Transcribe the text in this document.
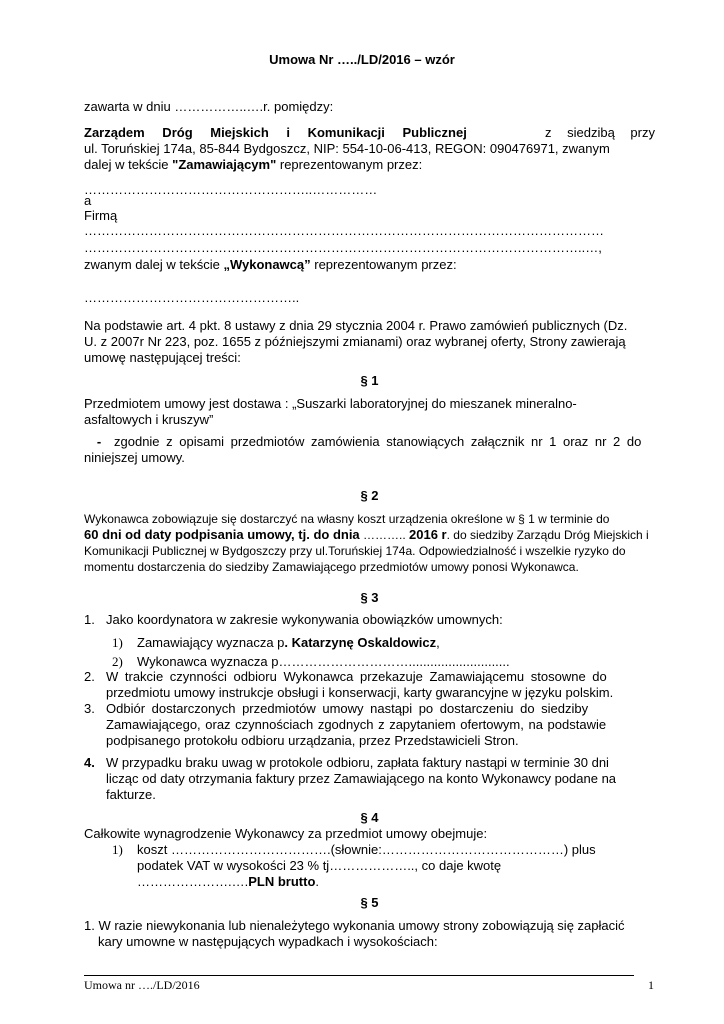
Umowa Nr …../LD/2016 – wzór

zawarta w dniu ……………..….r. pomiędzy:

Zarządem Dróg Miejskich i Komunikacji Publicznej	z siedzibą przy
ul. Toruńskiej 174a, 85-844 Bydgoszcz, NIP: 554-10-06-413, REGON: 090476971, zwanym
dalej w tekście "Zamawiającym" reprezentowanym przez:

……………………………………………..……………

a

Firmą

…………………………………………………………………………………………………………

……………………………………………………………………………………………………..…,

zwanym dalej w tekście „Wykonawcą” reprezentowanym przez:

…………………………………………..

Na podstawie art. 4 pkt. 8 ustawy z dnia 29 stycznia 2004 r. Prawo zamówień publicznych (Dz.
U. z 2007r Nr 223, poz. 1655 z późniejszymi zmianami) oraz wybranej oferty, Strony zawierają
umowę następującej treści:
§ 1
Przedmiotem umowy jest dostawa : „Suszarki laboratoryjnej do mieszanek mineralno-
asfaltowych i kruszyw”
- zgodnie z opisami przedmiotów zamówienia stanowiących załącznik nr 1 oraz nr 2 do
niniejszej umowy.
§ 2
Wykonawca zobowiązuje się dostarczyć na własny koszt urządzenia określone w § 1 w terminie do
60 dni od daty podpisania umowy, tj. do dnia ……….. 2016 r. do siedziby Zarządu Dróg Miejskich i
Komunikacji Publicznej w Bydgoszczy przy ul.Toruńskiej 174a. Odpowiedzialność i wszelkie ryzyko do
momentu dostarczenia do siedziby Zamawiającego przedmiotów umowy ponosi Wykonawca.
§ 3
1. Jako koordynatora w zakresie wykonywania obowiązków umownych:
1) Zamawiający wyznacza p. Katarzynę Oskaldowicz,
2) Wykonawca wyznacza p…………………………............................
2. W trakcie czynności odbioru Wykonawca przekazuje Zamawiającemu stosowne do
przedmiotu umowy instrukcje obsługi i konserwacji, karty gwarancyjne w języku polskim.
3. Odbiór dostarczonych przedmiotów umowy nastąpi po dostarczeniu do siedziby
Zamawiającego, oraz czynnościach zgodnych z zapytaniem ofertowym, na podstawie
podpisanego protokołu odbioru urządzania, przez Przedstawicieli Stron.
4. W przypadku braku uwag w protokole odbioru, zapłata faktury nastąpi w terminie 30 dni
licząc od daty otrzymania faktury przez Zamawiającego na konto Wykonawcy podane na
fakturze.
§ 4

Całkowite wynagrodzenie Wykonawcy za przedmiot umowy obejmuje:

1) koszt ……………………………….(słownie:……………………………………) plus
podatek VAT w wysokości 23 % tj……………….., co daje kwotę
………………….….PLN brutto.
§ 5
1. W razie niewykonania lub nienależytego wykonania umowy strony zobowiązują się zapłacić
kary umowne w następujących wypadkach i wysokościach:
Umowa nr …./LD/2016	1
